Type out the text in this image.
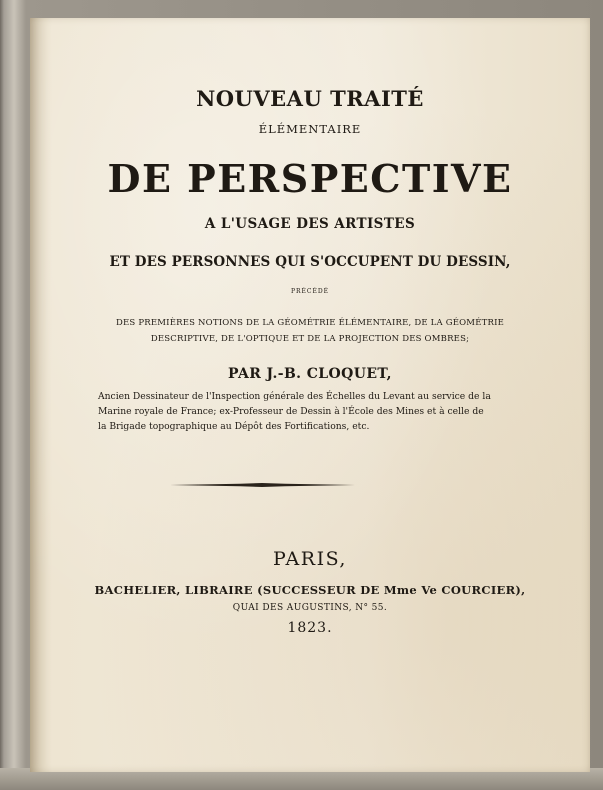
NOUVEAU TRAITÉ
ÉLÉMENTAIRE
DE PERSPECTIVE
A L'USAGE DES ARTISTES
ET DES PERSONNES QUI S'OCCUPENT DU DESSIN,
PRÉCÉDÉ
DES PREMIÈRES NOTIONS DE LA GÉOMÉTRIE ÉLÉMENTAIRE, DE LA GÉOMÉTRIE
DESCRIPTIVE, DE L'OPTIQUE ET DE LA PROJECTION DES OMBRES;
PAR J.-B. CLOQUET,
Ancien Dessinateur de l'Inspection générale des Échelles du Levant au service de la
Marine royale de France; ex-Professeur de Dessin à l'École des Mines et à celle de
la Brigade topographique au Dépôt des Fortifications, etc.
PARIS,
BACHELIER, LIBRAIRE (SUCCESSEUR DE Mme Ve COURCIER),
QUAI DES AUGUSTINS, N° 55.
1823.
